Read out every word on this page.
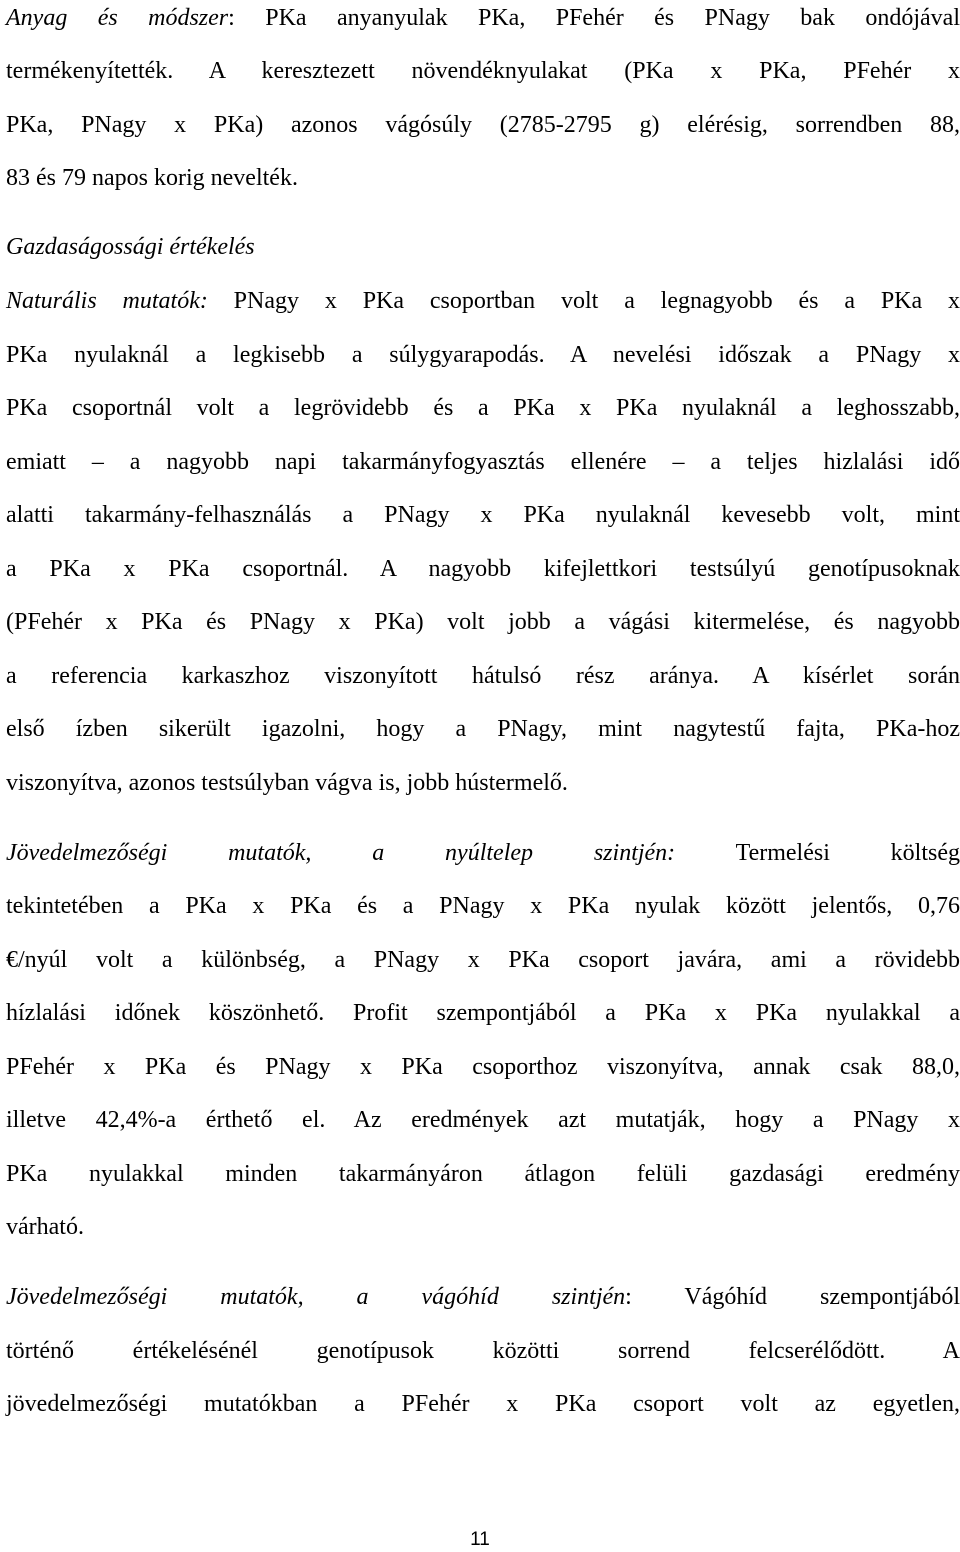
Anyag és módszer: PKa anyanyulak PKa, PFehér és PNagy bak ondójával
termékenyítették. A keresztezett növendéknyulakat (PKa x PKa, PFehér x
PKa, PNagy x PKa) azonos vágósúly (2785-2795 g) elérésig, sorrendben 88,
83 és 79 napos korig nevelték.
Gazdaságossági értékelés
Naturális mutatók: PNagy x PKa csoportban volt a legnagyobb és a PKa x
PKa nyulaknál a legkisebb a súlygyarapodás. A nevelési időszak a PNagy x
PKa csoportnál volt a legrövidebb és a PKa x PKa nyulaknál a leghosszabb,
emiatt – a nagyobb napi takarmányfogyasztás ellenére – a teljes hizlalási idő
alatti takarmány-felhasználás a PNagy x PKa nyulaknál kevesebb volt, mint
a PKa x PKa csoportnál. A nagyobb kifejlettkori testsúlyú genotípusoknak
(PFehér x PKa és PNagy x PKa) volt jobb a vágási kitermelése, és nagyobb
a referencia karkaszhoz viszonyított hátulsó rész aránya. A kísérlet során
első ízben sikerült igazolni, hogy a PNagy, mint nagytestű fajta, PKa-hoz
viszonyítva, azonos testsúlyban vágva is, jobb hústermelő.
Jövedelmezőségi mutatók, a nyúltelep szintjén: Termelési költség
tekintetében a PKa x PKa és a PNagy x PKa nyulak között jelentős, 0,76
€/nyúl volt a különbség, a PNagy x PKa csoport javára, ami a rövidebb
hízlalási időnek köszönhető. Profit szempontjából a PKa x PKa nyulakkal a
PFehér x PKa és PNagy x PKa csoporthoz viszonyítva, annak csak 88,0,
illetve 42,4%-a érthető el. Az eredmények azt mutatják, hogy a PNagy x
PKa nyulakkal minden takarmányáron átlagon felüli gazdasági eredmény
várható.
Jövedelmezőségi mutatók, a vágóhíd szintjén: Vágóhíd szempontjából
történő értékelésénél genotípusok közötti sorrend felcserélődött. A
jövedelmezőségi mutatókban a PFehér x PKa csoport volt az egyetlen,
11
